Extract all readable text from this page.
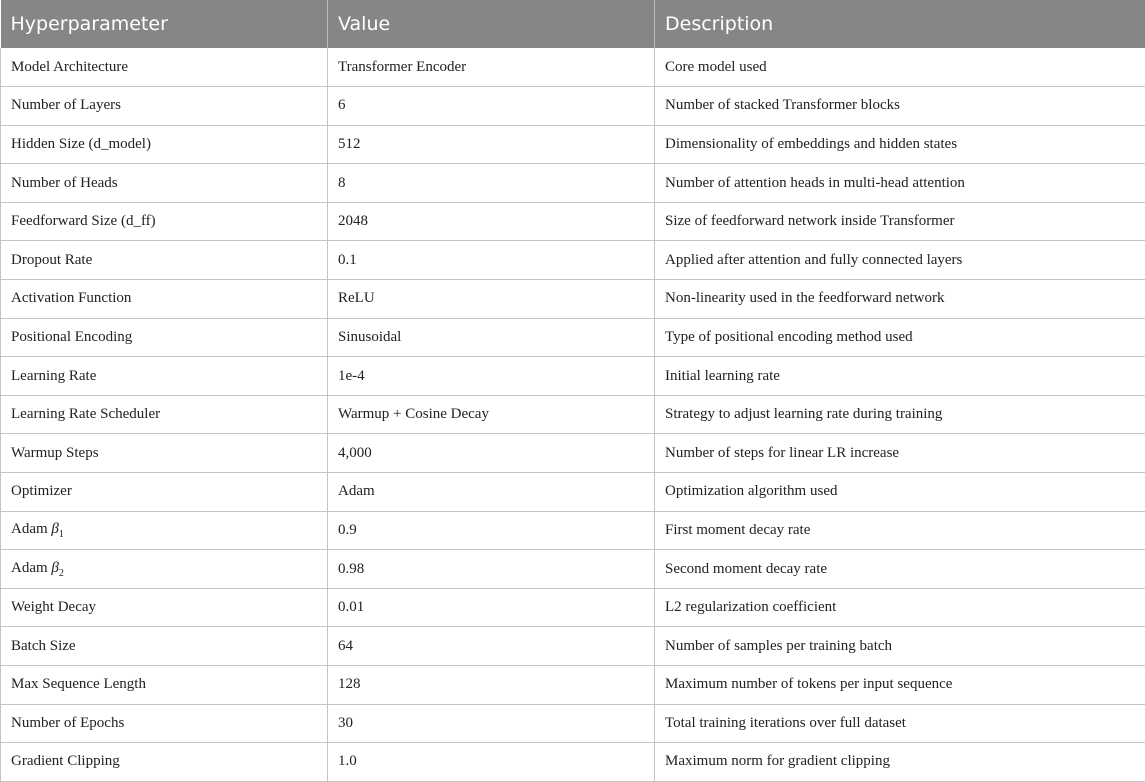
Hyperparameter	Value	Description
Model Architecture	Transformer Encoder	Core model used
Number of Layers	6	Number of stacked Transformer blocks
Hidden Size (d_model)	512	Dimensionality of embeddings and hidden states
Number of Heads	8	Number of attention heads in multi-head attention
Feedforward Size (d_ff)	2048	Size of feedforward network inside Transformer
Dropout Rate	0.1	Applied after attention and fully connected layers
Activation Function	ReLU	Non-linearity used in the feedforward network
Positional Encoding	Sinusoidal	Type of positional encoding method used
Learning Rate	1e-4	Initial learning rate
Learning Rate Scheduler	Warmup + Cosine Decay	Strategy to adjust learning rate during training
Warmup Steps	4,000	Number of steps for linear LR increase
Optimizer	Adam	Optimization algorithm used
Adam $\beta_1$	0.9	First moment decay rate
Adam $\beta_2$	0.98	Second moment decay rate
Weight Decay	0.01	L2 regularization coefficient
Batch Size	64	Number of samples per training batch
Max Sequence Length	128	Maximum number of tokens per input sequence
Number of Epochs	30	Total training iterations over full dataset
Gradient Clipping	1.0	Maximum norm for gradient clipping
